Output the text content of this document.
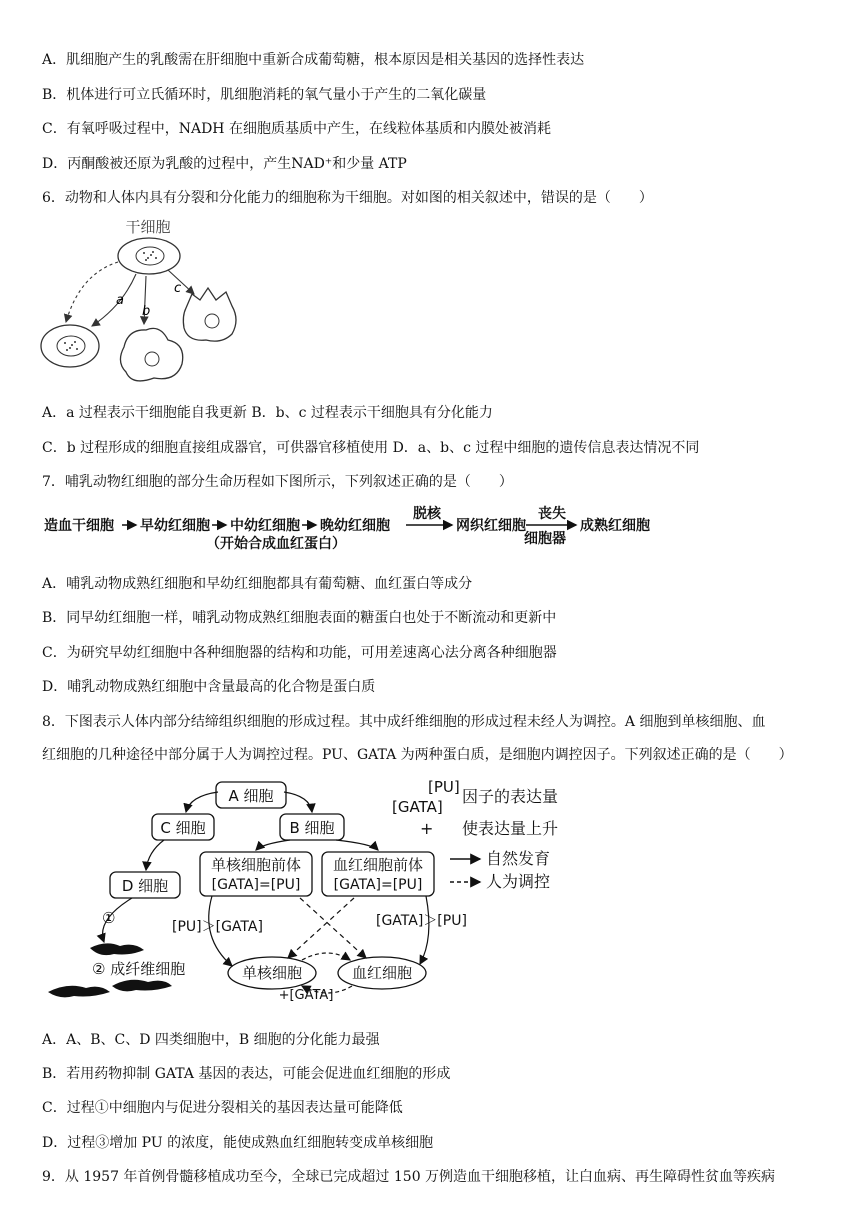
A．肌细胞产生的乳酸需在肝细胞中重新合成葡萄糖，根本原因是相关基因的选择性表达
B．机体进行可立氏循环时，肌细胞消耗的氧气量小于产生的二氧化碳量
C．有氧呼吸过程中，NADH 在细胞质基质中产生，在线粒体基质和内膜处被消耗
D．丙酮酸被还原为乳酸的过程中，产生NAD⁺和少量 ATP
6．动物和人体内具有分裂和分化能力的细胞称为干细胞。对如图的相关叙述中，错误的是（　　）
干细胞
a
b
c
A．a 过程表示干细胞能自我更新 B．b、c 过程表示干细胞具有分化能力
C．b 过程形成的细胞直接组成器官，可供器官移植使用 D．a、b、c 过程中细胞的遗传信息表达情况不同
7．哺乳动物红细胞的部分生命历程如下图所示，下列叙述正确的是（　　）
造血干细胞 早幼红细胞 中幼红细胞 晚幼红细胞
脱核
网织红细胞
丧失
细胞器
成熟红细胞
（开始合成血红蛋白）
A．哺乳动物成熟红细胞和早幼红细胞都具有葡萄糖、血红蛋白等成分
B．同早幼红细胞一样，哺乳动物成熟红细胞表面的糖蛋白也处于不断流动和更新中
C．为研究早幼红细胞中各种细胞器的结构和功能，可用差速离心法分离各种细胞器
D．哺乳动物成熟红细胞中含量最高的化合物是蛋白质
8．下图表示人体内部分结缔组织细胞的形成过程。其中成纤维细胞的形成过程未经人为调控。A 细胞到单核细胞、血
红细胞的几种途径中部分属于人为调控过程。PU、GATA 为两种蛋白质，是细胞内调控因子。下列叙述正确的是（　　）
A 细胞
C 细胞	B 细胞
D 细胞
单核细胞前体
[GATA]=[PU]
血红细胞前体
[GATA]=[PU]
单核细胞	血红细胞
[PU]＞[GATA]	[GATA]＞[PU]
+[GATA]
①
② 成纤维细胞
[PU]
[GATA]
因子的表达量
+ 使表达量上升
自然发育
人为调控
A．A、B、C、D 四类细胞中，B 细胞的分化能力最强
B．若用药物抑制 GATA 基因的表达，可能会促进血红细胞的形成
C．过程①中细胞内与促进分裂相关的基因表达量可能降低
D．过程③增加 PU 的浓度，能使成熟血红细胞转变成单核细胞
9．从 1957 年首例骨髓移植成功至今，全球已完成超过 150 万例造血干细胞移植，让白血病、再生障碍性贫血等疾病
